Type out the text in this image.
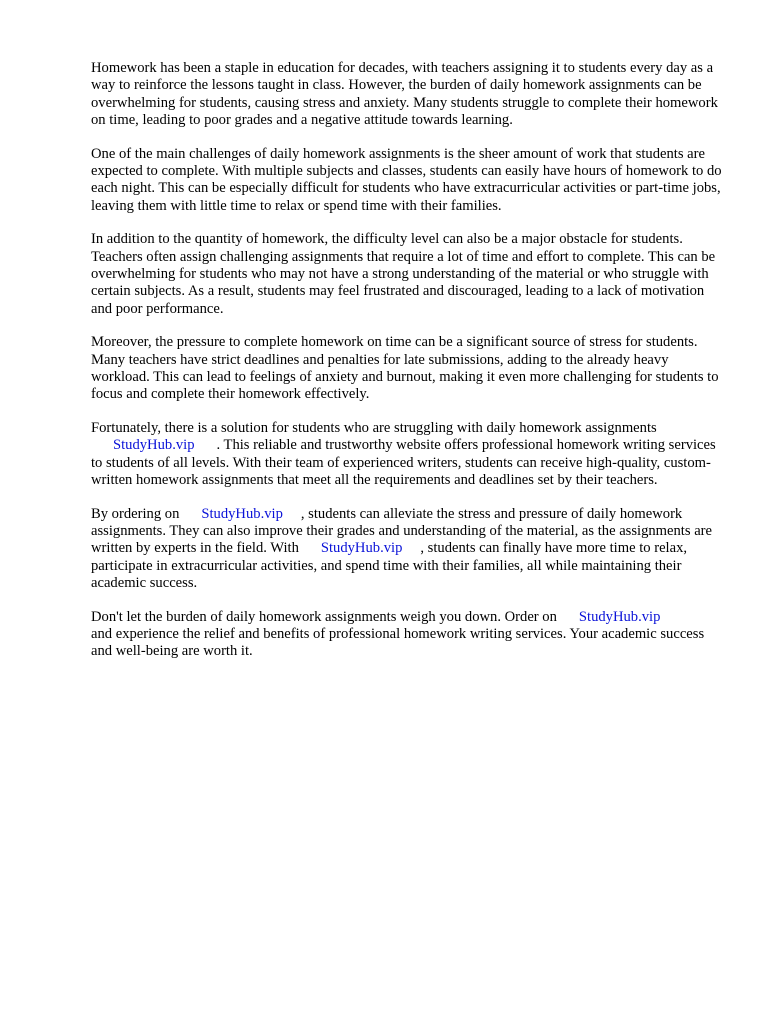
Homework has been a staple in education for decades, with teachers assigning it to students every day as a way to reinforce the lessons taught in class. However, the burden of daily homework assignments can be overwhelming for students, causing stress and anxiety. Many students struggle to complete their homework on time, leading to poor grades and a negative attitude towards learning.

One of the main challenges of daily homework assignments is the sheer amount of work that students are expected to complete. With multiple subjects and classes, students can easily have hours of homework to do each night. This can be especially difficult for students who have extracurricular activities or part-time jobs, leaving them with little time to relax or spend time with their families.

In addition to the quantity of homework, the difficulty level can also be a major obstacle for students. Teachers often assign challenging assignments that require a lot of time and effort to complete. This can be overwhelming for students who may not have a strong understanding of the material or who struggle with certain subjects. As a result, students may feel frustrated and discouraged, leading to a lack of motivation and poor performance.

Moreover, the pressure to complete homework on time can be a significant source of stress for students. Many teachers have strict deadlines and penalties for late submissions, adding to the already heavy workload. This can lead to feelings of anxiety and burnout, making it even more challenging for students to focus and complete their homework effectively.

Fortunately, there is a solution for students who are struggling with daily homework assignments
StudyHub.vip . This reliable and trustworthy website offers professional homework writing services to students of all levels. With their team of experienced writers, students can receive high-quality, custom-written homework assignments that meet all the requirements and deadlines set by their teachers.

By ordering on StudyHub.vip , students can alleviate the stress and pressure of daily homework assignments. They can also improve their grades and understanding of the material, as the assignments are written by experts in the field. With StudyHub.vip , students can finally have more time to relax, participate in extracurricular activities, and spend time with their families, all while maintaining their academic success.

Don't let the burden of daily homework assignments weigh you down. Order on StudyHub.vip
and experience the relief and benefits of professional homework writing services. Your academic success and well-being are worth it.
